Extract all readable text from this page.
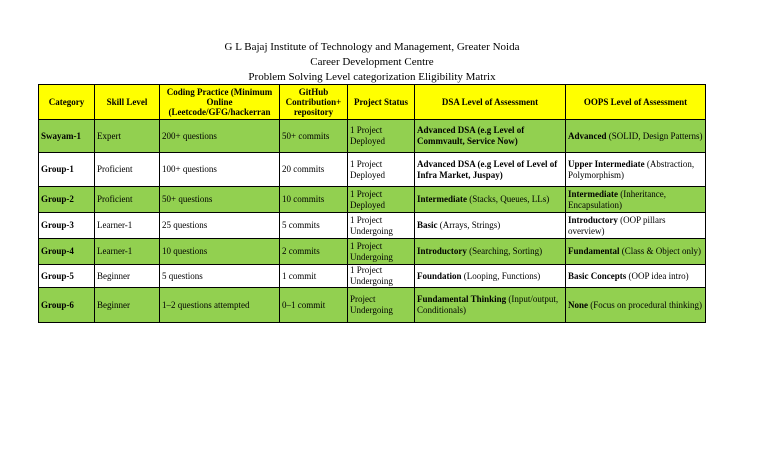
G L Bajaj Institute of Technology and Management, Greater Noida
Career Development Centre
Problem Solving Level categorization Eligibility Matrix
Category	Skill Level	Coding Practice (Minimum Online (Leetcode/GFG/hackerran	GitHub Contribution+ repository	Project Status	DSA Level of Assessment	OOPS Level of Assessment
Swayam-1	Expert	200+ questions	50+ commits	1 Project Deployed	Advanced DSA (e.g Level of Commvault, Service Now)	Advanced (SOLID, Design Patterns)
Group-1	Proficient	100+ questions	20 commits	1 Project Deployed	Advanced DSA (e.g Level of Level of Infra Market, Juspay)	Upper Intermediate (Abstraction, Polymorphism)
Group-2	Proficient	50+ questions	10 commits	1 Project Deployed	Intermediate (Stacks, Queues, LLs)	Intermediate (Inheritance, Encapsulation)
Group-3	Learner-1	25 questions	5 commits	1 Project Undergoing	Basic (Arrays, Strings)	Introductory (OOP pillars overview)
Group-4	Learner-1	10 questions	2 commits	1 Project Undergoing	Introductory (Searching, Sorting)	Fundamental (Class & Object only)
Group-5	Beginner	5 questions	1 commit	1 Project Undergoing	Foundation (Looping, Functions)	Basic Concepts (OOP idea intro)
Group-6	Beginner	1–2 questions attempted	0–1 commit	Project Undergoing	Fundamental Thinking (Input/output, Conditionals)	None (Focus on procedural thinking)
